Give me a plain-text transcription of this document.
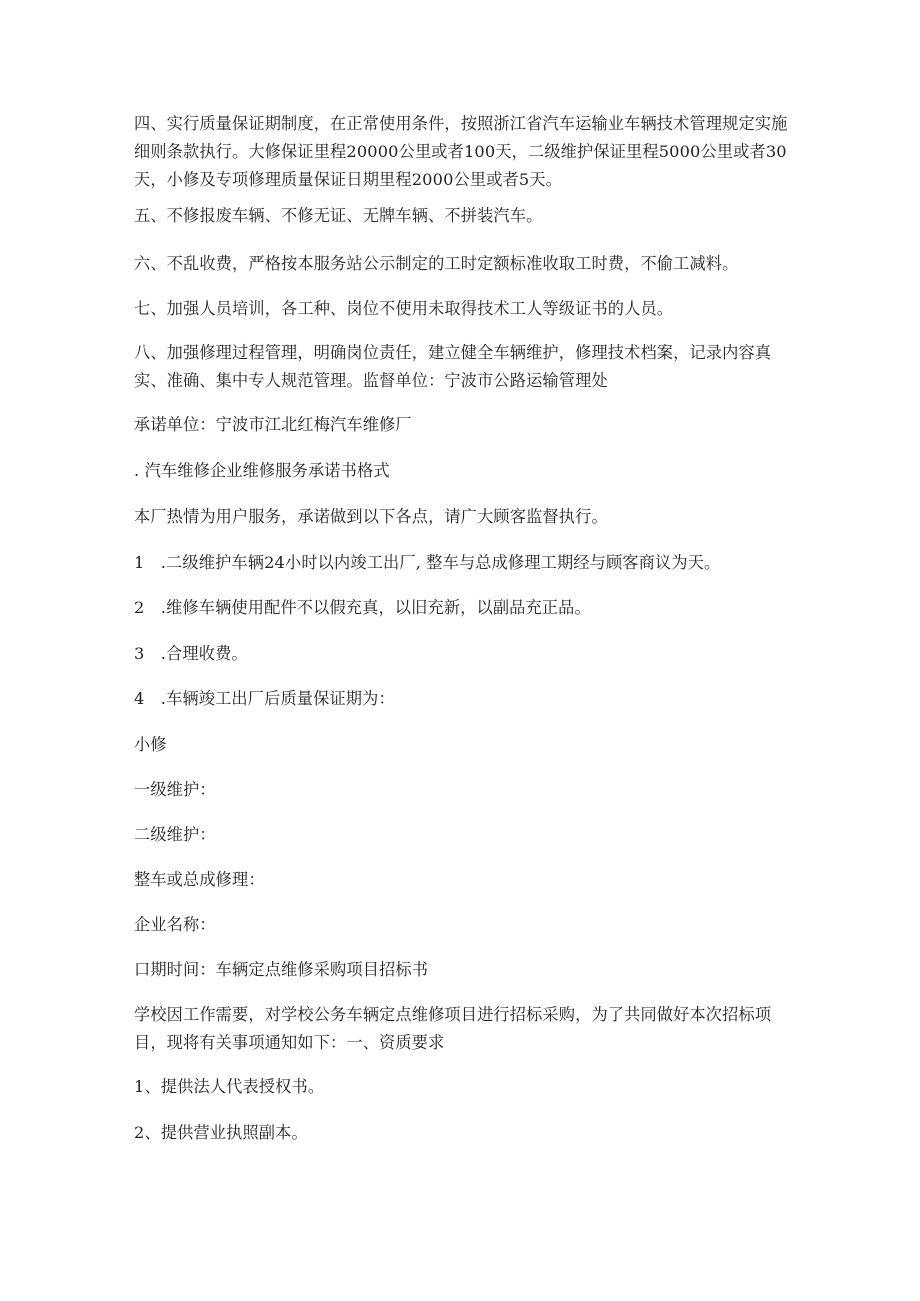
四、实行质量保证期制度，在正常使用条件，按照浙江省汽车运输业车辆技术管理规定实施细则条款执行。大修保证里程20000公里或者100天，二级维护保证里程5000公里或者30天，小修及专项修理质量保证日期里程2000公里或者5天。

五、不修报废车辆、不修无证、无牌车辆、不拼装汽车。

六、不乱收费，严格按本服务站公示制定的工时定额标准收取工时费，不偷工减料。

七、加强人员培训，各工种、岗位不使用未取得技术工人等级证书的人员。

八、加强修理过程管理，明确岗位责任，建立健全车辆维护，修理技术档案，记录内容真实、准确、集中专人规范管理。监督单位：宁波市公路运输管理处

承诺单位：宁波市江北红梅汽车维修厂

. 汽车维修企业维修服务承诺书格式

本厂热情为用户服务，承诺做到以下各点，请广大顾客监督执行。

1　.二级维护车辆24小时以内竣工出厂, 整车与总成修理工期经与顾客商议为天。

2　.维修车辆使用配件不以假充真，以旧充新，以副品充正品。

3　.合理收费。

4　.车辆竣工出厂后质量保证期为：

小修

一级维护：

二级维护：

整车或总成修理：

企业名称：

口期时间：车辆定点维修采购项目招标书

学校因工作需要，对学校公务车辆定点维修项目进行招标采购，为了共同做好本次招标项目，现将有关事项通知如下：一、资质要求

1、提供法人代表授权书。

2、提供营业执照副本。
